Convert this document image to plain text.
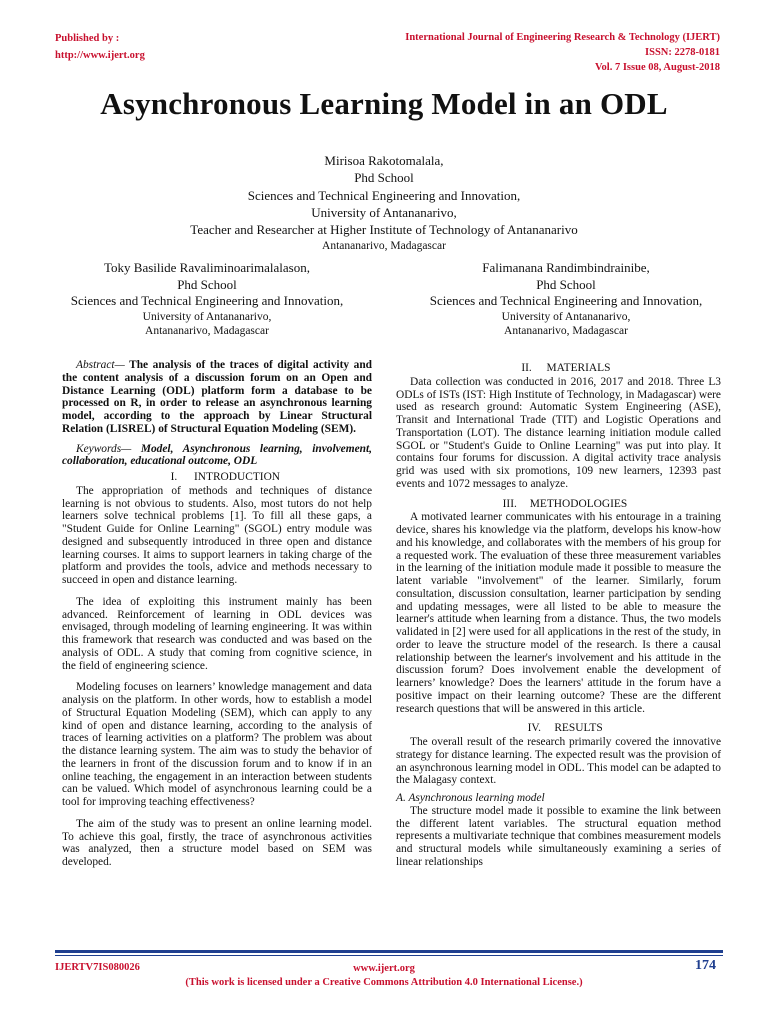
Published by :
http://www.ijert.org
International Journal of Engineering Research & Technology (IJERT)
ISSN: 2278-0181
Vol. 7 Issue 08, August-2018
Asynchronous Learning Model in an ODL
Mirisoa Rakotomalala,
Phd School
Sciences and Technical Engineering and Innovation,
University of Antananarivo,
Teacher and Researcher at Higher Institute of Technology of Antananarivo
Antananarivo, Madagascar
Toky Basilide Ravaliminoarimalalason,
Phd School
Sciences and Technical Engineering and Innovation,
University of Antananarivo,
Antananarivo, Madagascar
Falimanana Randimbindrainibe,
Phd School
Sciences and Technical Engineering and Innovation,
University of Antananarivo,
Antananarivo, Madagascar

Abstract— The analysis of the traces of digital activity and the content analysis of a discussion forum on an Open and Distance Learning (ODL) platform form a database to be processed on R, in order to release an asynchronous learning model, according to the approach by Linear Structural Relation (LISREL) of Structural Equation Modeling (SEM).

Keywords— Model, Asynchronous learning, involvement, collaboration, educational outcome, ODL

I. INTRODUCTION

The appropriation of methods and techniques of distance learning is not obvious to students. Also, most tutors do not help learners solve technical problems [1]. To fill all these gaps, a "Student Guide for Online Learning" (SGOL) entry module was designed and subsequently introduced in three open and distance learning courses. It aims to support learners in taking charge of the platform and provides the tools, advice and methods necessary to succeed in open and distance learning.

The idea of exploiting this instrument mainly has been advanced. Reinforcement of learning in ODL devices was envisaged, through modeling of learning engineering. It was within this framework that research was conducted and was based on the analysis of ODL. A study that coming from cognitive science, in the field of engineering science.

Modeling focuses on learners’ knowledge management and data analysis on the platform. In other words, how to establish a model of Structural Equation Modeling (SEM), which can apply to any kind of open and distance learning, according to the analysis of traces of learning activities on a platform? The problem was about the distance learning system. The aim was to study the behavior of the learners in front of the discussion forum and to know if in an online teaching, the engagement in an interaction between students can be valued. Which model of asynchronous learning could be a tool for improving teaching effectiveness?

The aim of the study was to present an online learning model. To achieve this goal, firstly, the trace of asynchronous activities was analyzed, then a structure model based on SEM was developed.

II. MATERIALS

Data collection was conducted in 2016, 2017 and 2018. Three L3 ODLs of ISTs (IST: High Institute of Technology, in Madagascar) were used as research ground: Automatic System Engineering (ASE), Transit and International Trade (TIT) and Logistic Operations and Transportation (LOT). The distance learning initiation module called SGOL or "Student's Guide to Online Learning" was put into play. It contains four forums for discussion. A digital activity trace analysis grid was used with six promotions, 109 new learners, 12393 past events and 1072 messages to analyze.

III. METHODOLOGIES

A motivated learner communicates with his entourage in a training device, shares his knowledge via the platform, develops his know-how and his knowledge, and collaborates with the members of his group for a requested work. The evaluation of these three measurement variables in the learning of the initiation module made it possible to measure the latent variable "involvement" of the learner. Similarly, forum consultation, discussion consultation, learner participation by sending and updating messages, were all listed to be able to measure the learner's attitude when learning from a distance. Thus, the two models validated in [2] were used for all applications in the rest of the study, in order to leave the structure model of the research. Is there a causal relationship between the learner's involvement and his attitude in the discussion forum? Does involvement enable the development of learners’ knowledge? Does the learners' attitude in the forum have a positive impact on their learning outcome? These are the different research questions that will be answered in this article.

IV. RESULTS

The overall result of the research primarily covered the innovative strategy for distance learning. The expected result was the provision of an asynchronous learning model in ODL. This model can be adapted to the Malagasy context.

A. Asynchronous learning model

The structure model made it possible to examine the link between the different latent variables. The structural equation method represents a multivariate technique that combines measurement models and structural models while simultaneously examining a series of linear relationships

IJERTV7IS080026	www.ijert.org
(This work is licensed under a Creative Commons Attribution 4.0 International License.)
174
